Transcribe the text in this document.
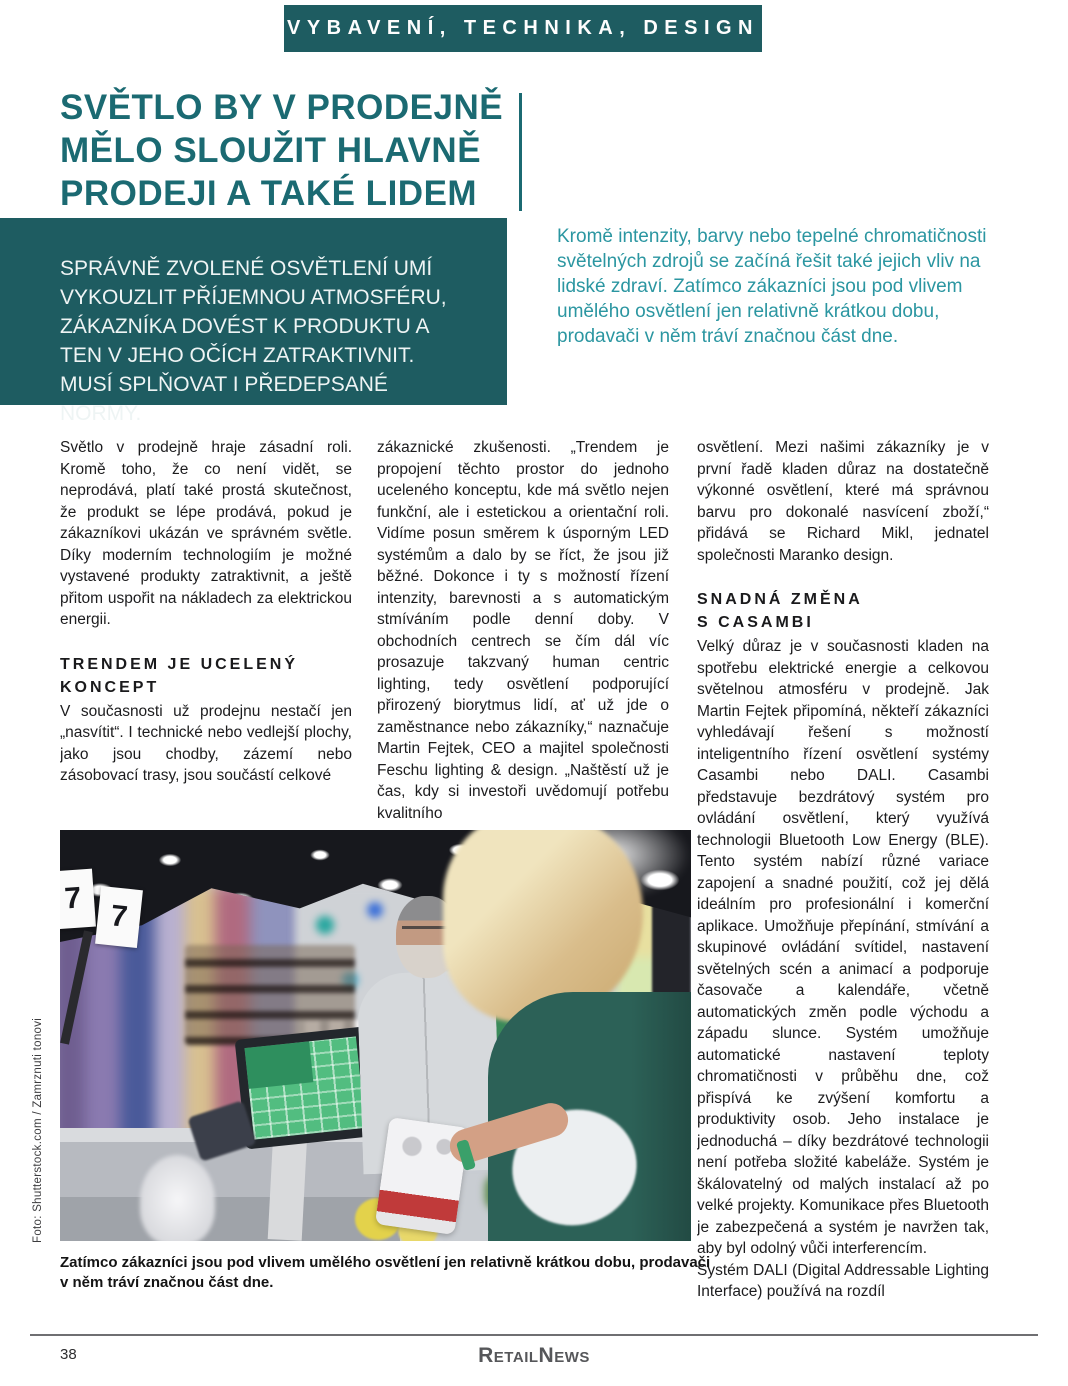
VYBAVENÍ, TECHNIKA, DESIGN
SVĚTLO BY V PRODEJNĚ
MĚLO SLOUŽIT HLAVNĚ
PRODEJI A TAKÉ LIDEM

SPRÁVNĚ ZVOLENÉ OSVĚTLENÍ UMÍ VYKOUZLIT PŘÍJEMNOU ATMOSFÉRU, ZÁKAZNÍKA DOVÉST K PRODUKTU A TEN V JEHO OČÍCH ZATRAKTIVNIT. MUSÍ SPLŇOVAT I PŘEDEPSANÉ NORMY.

Kromě intenzity, barvy nebo tepelné chromatičnosti světelných zdrojů se začíná řešit také jejich vliv na lidské zdraví. Zatímco zákazníci jsou pod vlivem umělého osvětlení jen relativně krátkou dobu, prodavači v něm tráví značnou část dne.

Světlo v prodejně hraje zásadní roli. Kromě toho, že co není vidět, se neprodává, platí také prostá skutečnost, že produkt se lépe prodává, pokud je zákazníkovi ukázán ve správném světle. Díky moderním technologiím je možné vystavené produkty zatraktivnit, a ještě přitom uspořit na nákladech za elektrickou energii.

TRENDEM JE UCELENÝ
KONCEPT

V současnosti už prodejnu nestačí jen „nasvítit“. I technické nebo vedlejší plochy, jako jsou chodby, zázemí nebo zásobovací trasy, jsou součástí celkové

zákaznické zkušenosti. „Trendem je propojení těchto prostor do jednoho uceleného konceptu, kde má světlo nejen funkční, ale i estetickou a orientační roli. Vidíme posun směrem k úsporným LED systémům a dalo by se říct, že jsou již běžné. Dokonce i ty s možností řízení intenzity, barevnosti a s automatickým stmíváním podle denní doby. V obchodních centrech se čím dál víc prosazuje takzvaný human centric lighting, tedy osvětlení podporující přirozený biorytmus lidí, ať už jde o zaměstnance nebo zákazníky,“ naznačuje Martin Fejtek, CEO a majitel společnosti Feschu lighting & design. „Naštěstí už je čas, kdy si investoři uvědomují potřebu kvalitního

osvětlení. Mezi našimi zákazníky je v první řadě kladen důraz na dostatečně výkonné osvětlení, které má správnou barvu pro dokonalé nasvícení zboží,“ přidává se Richard Mikl, jednatel společnosti Maranko design.

SNADNÁ ZMĚNA
S CASAMBI

Velký důraz je v současnosti kladen na spotřebu elektrické energie a celkovou světelnou atmosféru v prodejně. Jak Martin Fejtek připomíná, někteří zákazníci vyhledávají řešení s možností inteligentního řízení osvětlení systémy Casambi nebo DALI. Casambi představuje bezdrátový systém pro ovládání osvětlení, který využívá technologii Bluetooth Low Energy (BLE). Tento systém nabízí různé variace zapojení a snadné použití, což jej dělá ideálním pro profesionální i komerční aplikace. Umožňuje přepínání, stmívání a skupinové ovládání svítidel, nastavení světelných scén a animací a podporuje časovače a kalendáře, včetně automatických změn podle východu a západu slunce. Systém umožňuje automatické nastavení teploty chromatičnosti v průběhu dne, což přispívá ke zvýšení komfortu a produktivity osob. Jeho instalace je jednoduchá – díky bezdrátové technologii není potřeba složité kabeláže. Systém je škálovatelný od malých instalací až po velké projekty. Komunikace přes Bluetooth je zabezpečená a systém je navržen tak, aby byl odolný vůči interferencím.

Systém DALI (Digital Addressable Lighting Interface) používá na rozdíl

7
7
Foto: Shutterstock.com / Zamrznuti tonovi

Zatímco zákazníci jsou pod vlivem umělého osvětlení jen relativně krátkou dobu, prodavači v něm tráví značnou část dne.

38	RETAILNEWS
